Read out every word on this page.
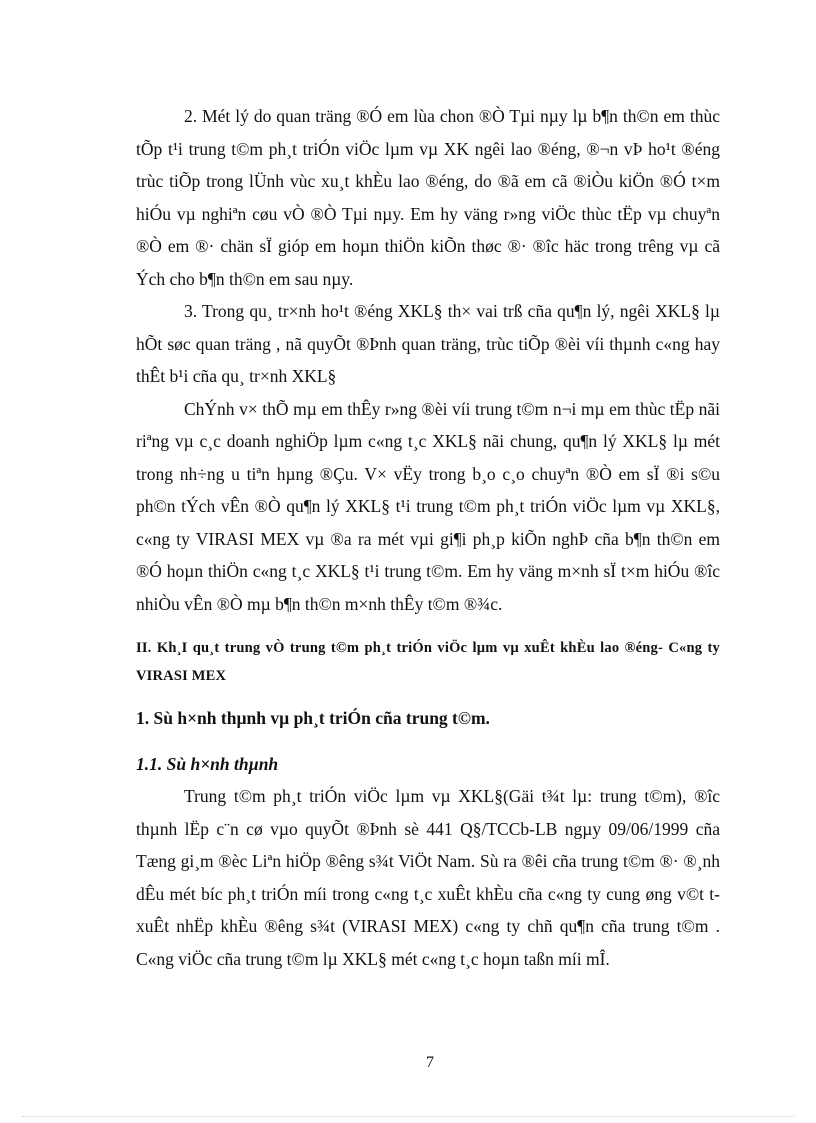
2. Mét lý do quan träng ®Ó em lùa chon ®Ò Tµi nµy lµ b¶n th©n em thùc tÕp t¹i trung t©m ph¸t triÓn viÖc lµm vµ XK ngêi lao ®éng, ®¬n vÞ ho¹t ®éng trùc tiÕp trong lÜnh vùc xu¸t khÈu lao ®éng, do ®ã em cã ®iÒu kiÖn ®Ó t×m hiÓu vµ nghiªn cøu vÒ ®Ò Tµi nµy. Em hy väng r»ng viÖc thùc tËp vµ chuyªn ®Ò em ®· chän sÏ gióp em hoµn thiÖn kiÕn thøc ®· ®îc häc trong trêng vµ cã Ých cho b¶n th©n em sau nµy.

3. Trong qu¸ tr×nh ho¹t ®éng XKL§ th× vai trß cña qu¶n lý, ngêi XKL§ lµ hÕt søc quan träng , nã quyÕt ®Þnh quan träng, trùc tiÕp ®èi víi thµnh c«ng hay thÊt b¹i cña qu¸ tr×nh XKL§

ChÝnh v× thÕ mµ em thÊy r»ng ®èi víi trung t©m n¬i mµ em thùc tËp nãi riªng vµ c¸c doanh nghiÖp lµm c«ng t¸c XKL§ nãi chung, qu¶n lý XKL§ lµ mét trong nh÷ng u tiªn hµng ®Çu. V× vËy trong b¸o c¸o chuyªn ®Ò em sÏ ®i s©u ph©n tÝch vÊn ®Ò qu¶n lý XKL§ t¹i trung t©m ph¸t triÓn viÖc lµm vµ XKL§, c«ng ty VIRASI MEX vµ ®a ra mét vµi gi¶i ph¸p kiÕn nghÞ cña b¶n th©n em ®Ó hoµn thiÖn c«ng t¸c XKL§ t¹i trung t©m. Em hy väng m×nh sÏ t×m hiÓu ®îc nhiÒu vÊn ®Ò mµ b¶n th©n m×nh thÊy t©m ®¾c.

II. Kh¸I qu¸t trung vÒ trung t©m ph¸t triÓn viÖc lµm vµ xuÊt khÈu lao ®éng- C«ng ty VIRASI MEX

1. Sù h×nh thµnh vµ ph¸t triÓn cña trung t©m.

1.1. Sù h×nh thµnh

Trung t©m ph¸t triÓn viÖc lµm vµ XKL§(Gäi t¾t lµ: trung t©m), ®îc thµnh lËp c¨n cø vµo quyÕt ®Þnh sè 441 Q§/TCCb-LB ngµy 09/06/1999 cña Tæng gi¸m ®èc Liªn hiÖp ®êng s¾t ViÖt Nam. Sù ra ®êi cña trung t©m ®· ®¸nh dÊu mét bíc ph¸t triÓn míi trong c«ng t¸c xuÊt khÈu cña c«ng ty cung øng v©t t xuÊt nhËp khÈu ®êng s¾t (VIRASI MEX) c«ng ty chñ qu¶n cña trung t©m . C«ng viÖc cña trung t©m lµ XKL§ mét c«ng t¸c hoµn taßn míi mÎ.

7
